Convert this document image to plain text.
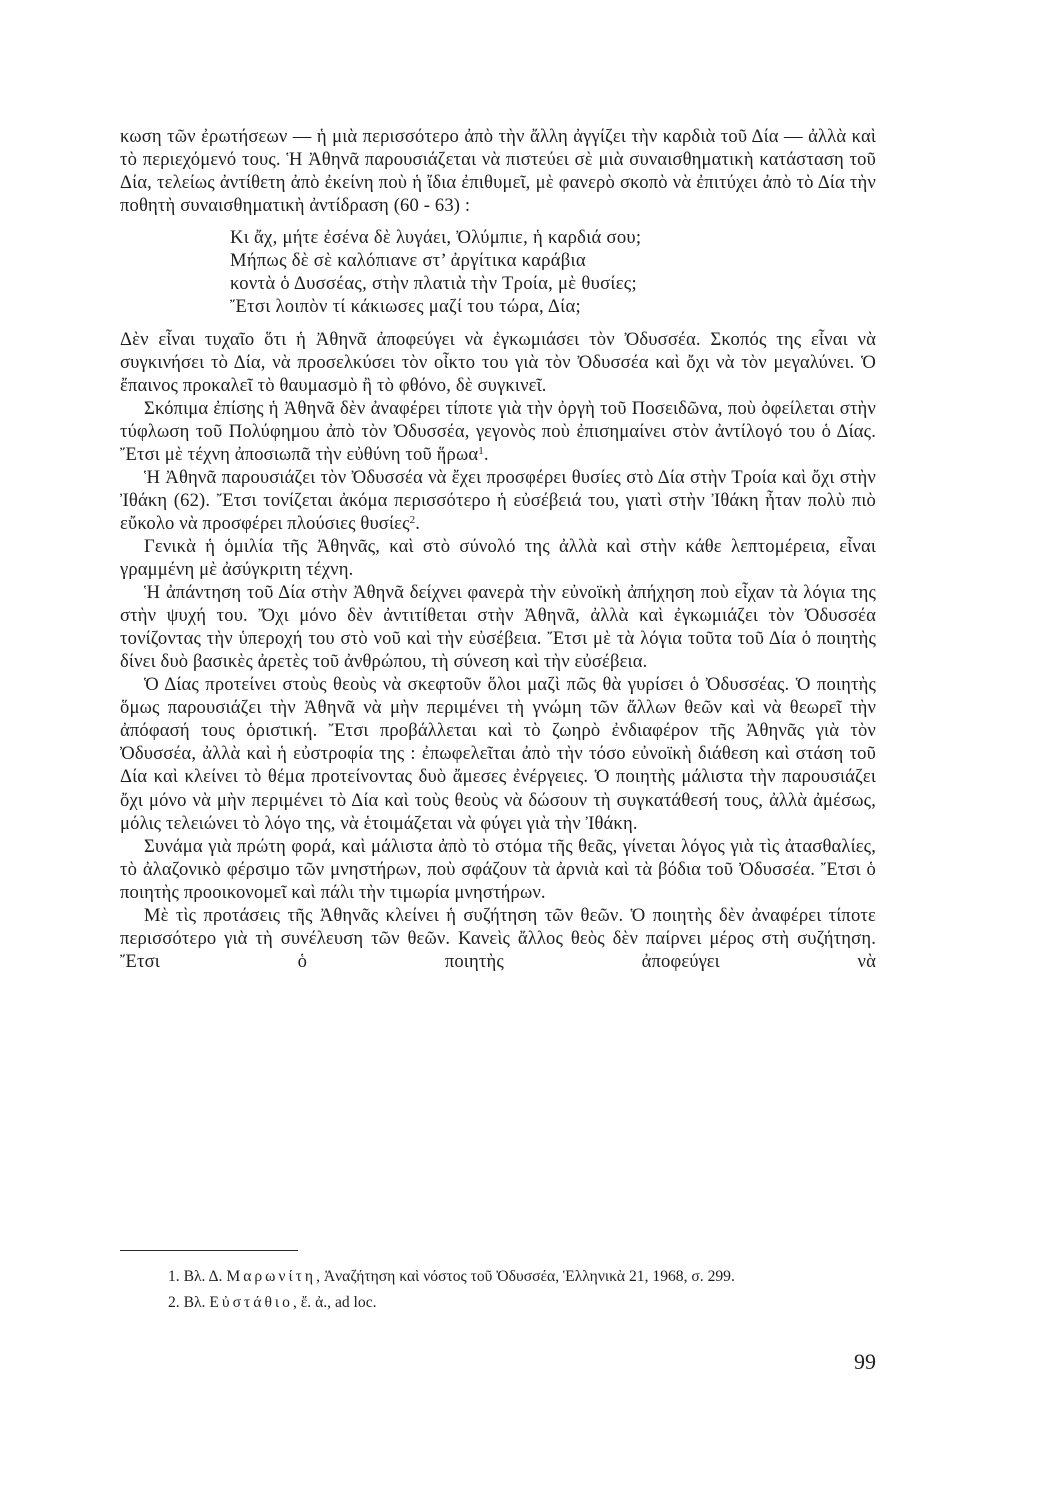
κωση τῶν ἐρωτήσεων — ἡ μιὰ περισσότερο ἀπὸ τὴν ἄλλη ἀγγίζει τὴν καρδιὰ τοῦ Δία — ἀλλὰ καὶ τὸ περιεχόμενό τους. Ἡ Ἀθηνᾶ παρουσιάζεται νὰ πιστεύει σὲ μιὰ συναισθηματικὴ κατάσταση τοῦ Δία, τελείως ἀντίθετη ἀπὸ ἐκείνη ποὺ ἡ ἴδια ἐπιθυμεῖ, μὲ φανερὸ σκοπὸ νὰ ἐπιτύχει ἀπὸ τὸ Δία τὴν ποθητὴ συναισθηματικὴ ἀντίδραση (60 - 63) :

Κι ἄχ, μήτε ἐσένα δὲ λυγάει, Ὀλύμπιε, ἡ καρδιά σου;
Μήπως δὲ σὲ καλόπιανε στ’ ἀργίτικα καράβια
κοντὰ ὁ Δυσσέας, στὴν πλατιὰ τὴν Τροία, μὲ θυσίες;
Ἔτσι λοιπὸν τί κάκιωσες μαζί του τώρα, Δία;

Δὲν εἶναι τυχαῖο ὅτι ἡ Ἀθηνᾶ ἀποφεύγει νὰ ἐγκωμιάσει τὸν Ὀδυσσέα. Σκοπός της εἶναι νὰ συγκινήσει τὸ Δία, νὰ προσελκύσει τὸν οἶκτο του γιὰ τὸν Ὀδυσσέα καὶ ὄχι νὰ τὸν μεγαλύνει. Ὁ ἔπαινος προκαλεῖ τὸ θαυμασμὸ ἢ τὸ φθόνο, δὲ συγκινεῖ.

Σκόπιμα ἐπίσης ἡ Ἀθηνᾶ δὲν ἀναφέρει τίποτε γιὰ τὴν ὀργὴ τοῦ Ποσειδῶνα, ποὺ ὀφείλεται στὴν τύφλωση τοῦ Πολύφημου ἀπὸ τὸν Ὀδυσσέα, γεγονὸς ποὺ ἐπισημαίνει στὸν ἀντίλογό του ὁ Δίας. Ἔτσι μὲ τέχνη ἀποσιωπᾶ τὴν εὐθύνη τοῦ ἥρωα$^1$.

Ἡ Ἀθηνᾶ παρουσιάζει τὸν Ὀδυσσέα νὰ ἔχει προσφέρει θυσίες στὸ Δία στὴν Τροία καὶ ὄχι στὴν Ἰθάκη (62). Ἔτσι τονίζεται ἀκόμα περισσότερο ἡ εὐσέβειά του, γιατὶ στὴν Ἰθάκη ἦταν πολὺ πιὸ εὔκολο νὰ προσφέρει πλούσιες θυσίες$^2$.

Γενικὰ ἡ ὁμιλία τῆς Ἀθηνᾶς, καὶ στὸ σύνολό της ἀλλὰ καὶ στὴν κάθε λεπτομέρεια, εἶναι γραμμένη μὲ ἀσύγκριτη τέχνη.

Ἡ ἀπάντηση τοῦ Δία στὴν Ἀθηνᾶ δείχνει φανερὰ τὴν εὐνοϊκὴ ἀπήχηση ποὺ εἶχαν τὰ λόγια της στὴν ψυχή του. Ὄχι μόνο δὲν ἀντιτίθεται στὴν Ἀθηνᾶ, ἀλλὰ καὶ ἐγκωμιάζει τὸν Ὀδυσσέα τονίζοντας τὴν ὑπεροχή του στὸ νοῦ καὶ τὴν εὐσέβεια. Ἔτσι μὲ τὰ λόγια τοῦτα τοῦ Δία ὁ ποιητὴς δίνει δυὸ βασικὲς ἀρετὲς τοῦ ἀνθρώπου, τὴ σύνεση καὶ τὴν εὐσέβεια.

Ὁ Δίας προτείνει στοὺς θεοὺς νὰ σκεφτοῦν ὅλοι μαζὶ πῶς θὰ γυρίσει ὁ Ὀδυσσέας. Ὁ ποιητὴς ὅμως παρουσιάζει τὴν Ἀθηνᾶ νὰ μὴν περιμένει τὴ γνώμη τῶν ἄλλων θεῶν καὶ νὰ θεωρεῖ τὴν ἀπόφασή τους ὁριστική. Ἔτσι προβάλλεται καὶ τὸ ζωηρὸ ἐνδιαφέρον τῆς Ἀθηνᾶς γιὰ τὸν Ὀδυσσέα, ἀλλὰ καὶ ἡ εὐστροφία της : ἐπωφελεῖται ἀπὸ τὴν τόσο εὐνοϊκὴ διάθεση καὶ στάση τοῦ Δία καὶ κλείνει τὸ θέμα προτείνοντας δυὸ ἄμεσες ἐνέργειες. Ὁ ποιητὴς μάλιστα τὴν παρουσιάζει ὄχι μόνο νὰ μὴν περιμένει τὸ Δία καὶ τοὺς θεοὺς νὰ δώσουν τὴ συγκατάθεσή τους, ἀλλὰ ἀμέσως, μόλις τελειώνει τὸ λόγο της, νὰ ἑτοιμάζεται νὰ φύγει γιὰ τὴν Ἰθάκη.

Συνάμα γιὰ πρώτη φορά, καὶ μάλιστα ἀπὸ τὸ στόμα τῆς θεᾶς, γίνεται λόγος γιὰ τὶς ἀτασθαλίες, τὸ ἀλαζονικὸ φέρσιμο τῶν μνηστήρων, ποὺ σφάζουν τὰ ἀρνιὰ καὶ τὰ βόδια τοῦ Ὀδυσσέα. Ἔτσι ὁ ποιητὴς προοικονομεῖ καὶ πάλι τὴν τιμωρία μνηστήρων.

Μὲ τὶς προτάσεις τῆς Ἀθηνᾶς κλείνει ἡ συζήτηση τῶν θεῶν. Ὁ ποιητὴς δὲν ἀναφέρει τίποτε περισσότερο γιὰ τὴ συνέλευση τῶν θεῶν. Κανεὶς ἄλλος θεὸς δὲν παίρνει μέρος στὴ συζήτηση. Ἔτσι ὁ ποιητὴς ἀποφεύγει νὰ

1. Βλ. Δ. Μαρωνίτη, Ἀναζήτηση καὶ νόστος τοῦ Ὀδυσσέα, Ἑλληνικὰ 21, 1968, σ. 299.

2. Βλ. Εὐστάθιο, ἔ. ἀ., ad loc.

99
